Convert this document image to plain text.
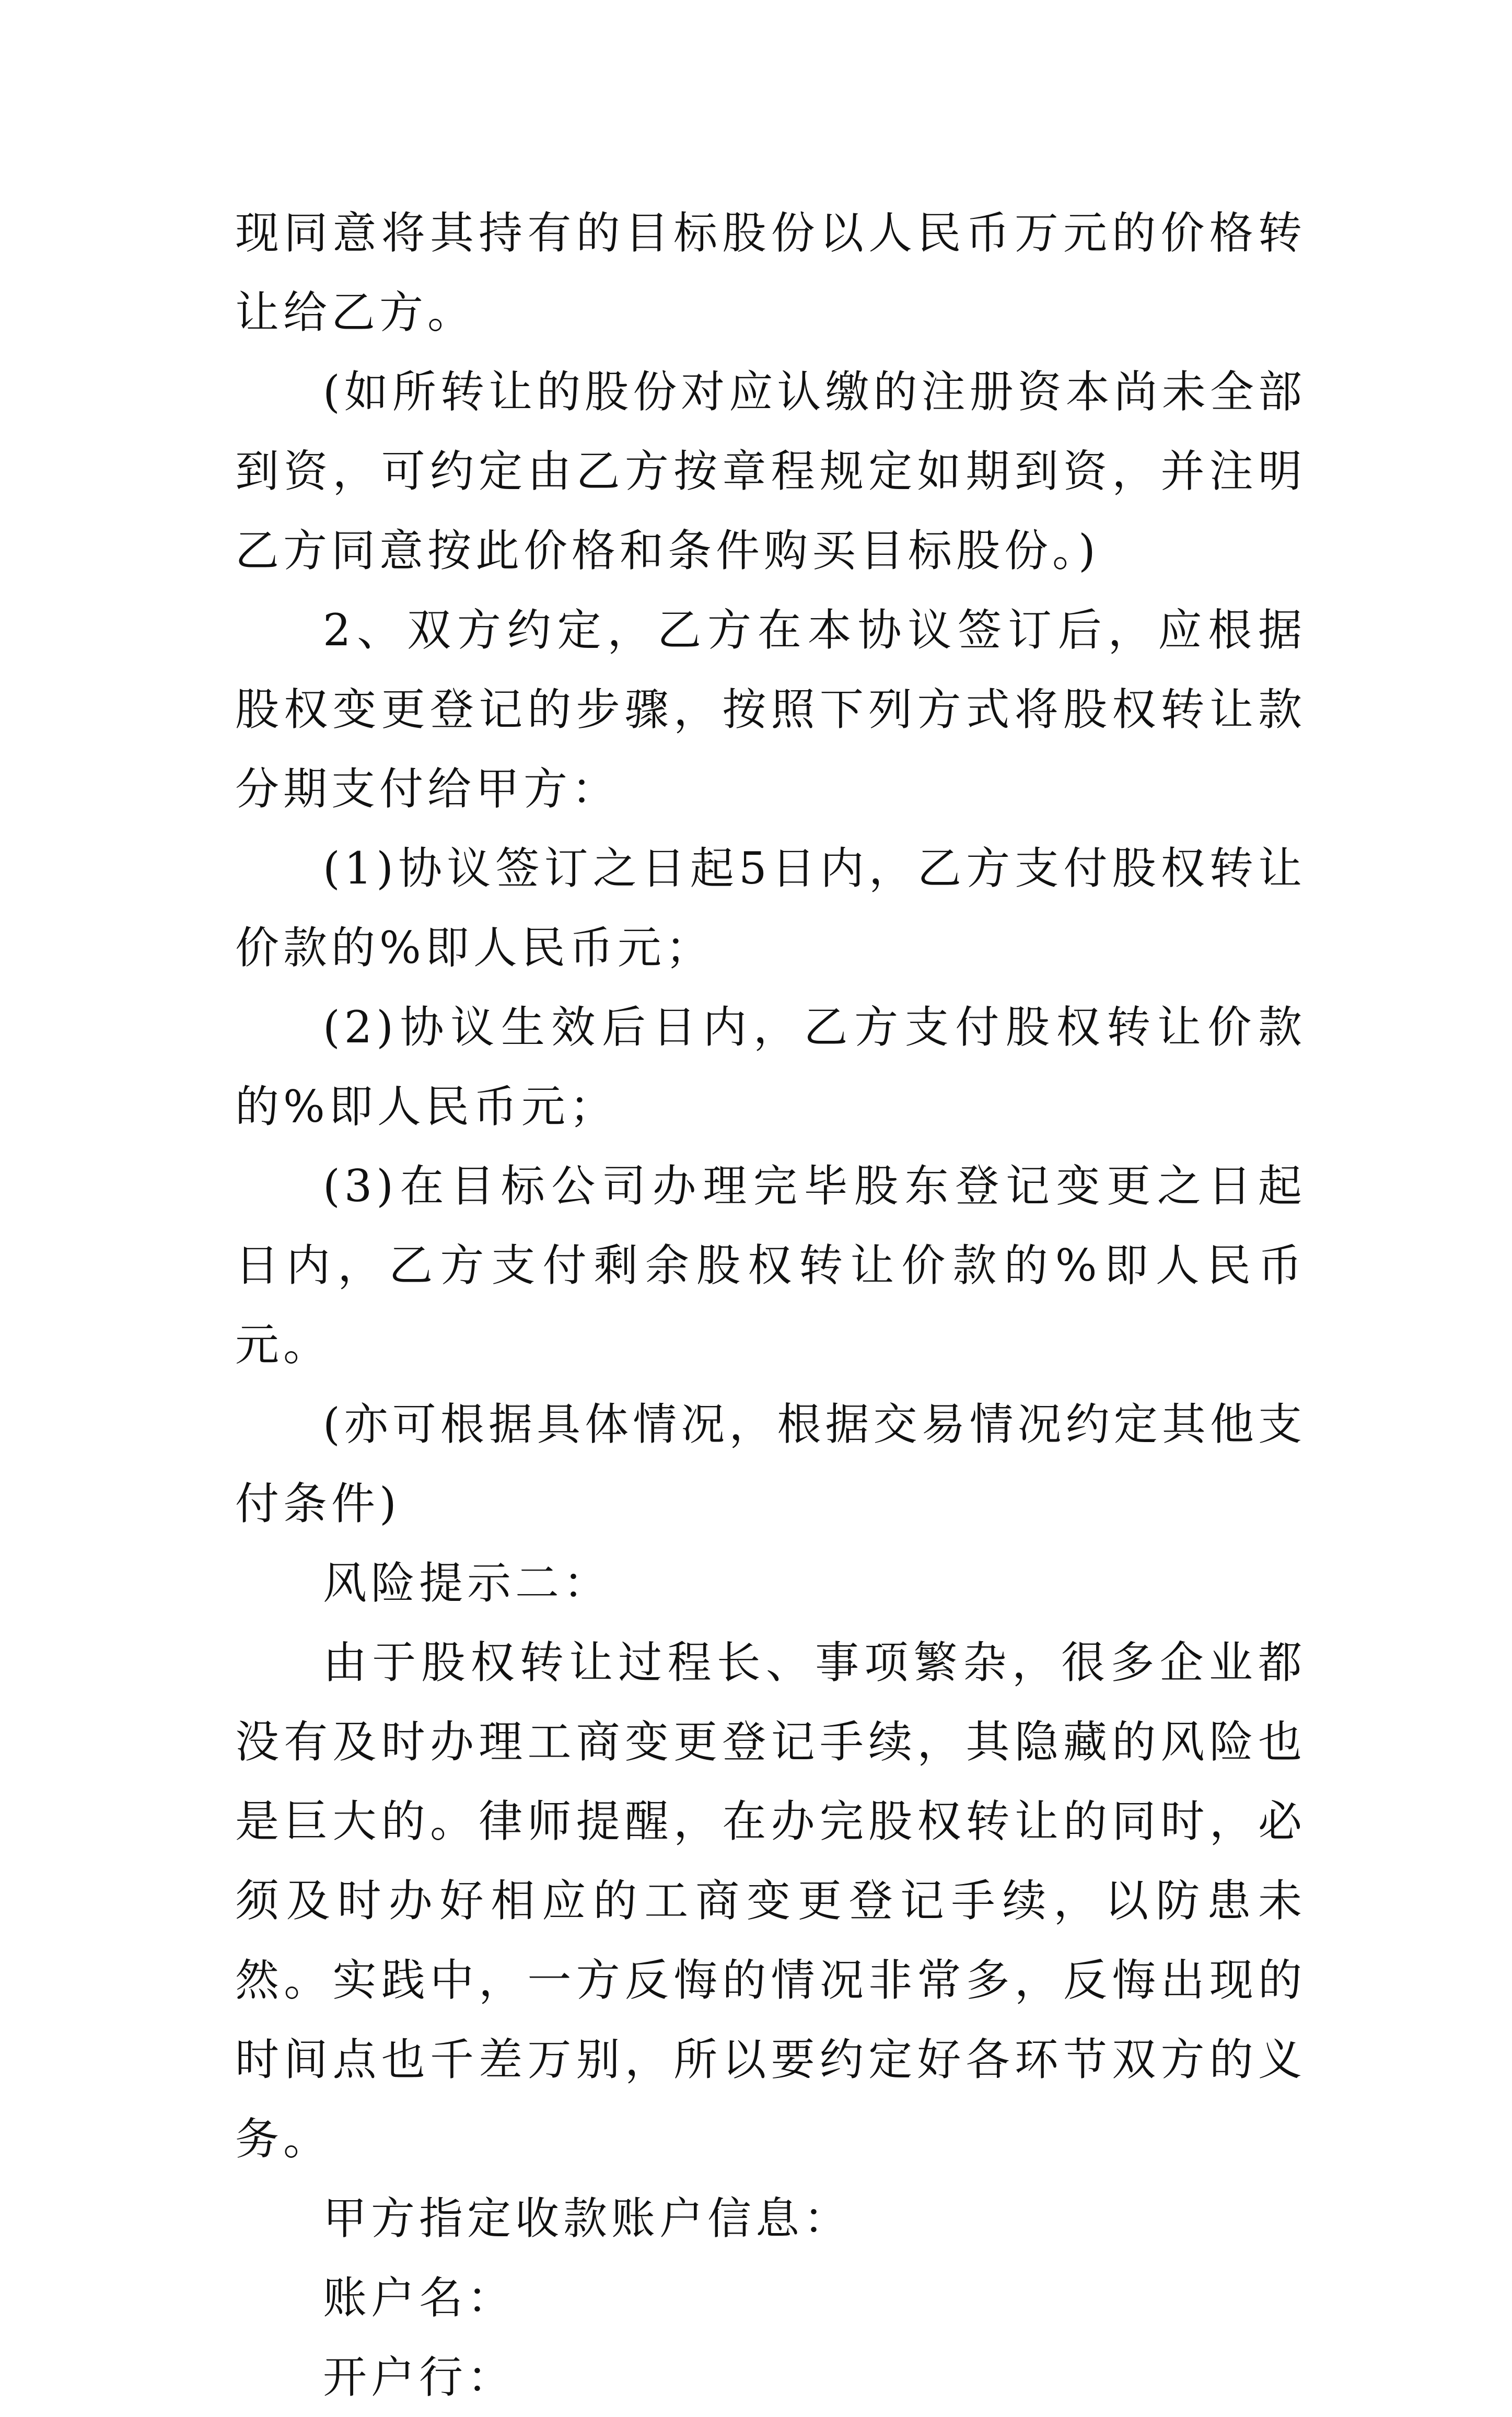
现同意将其持有的目标股份以人民币万元的价格转让给乙方。

(如所转让的股份对应认缴的注册资本尚未全部到资，可约定由乙方按章程规定如期到资，并注明乙方同意按此价格和条件购买目标股份。)

2、双方约定，乙方在本协议签订后，应根据股权变更登记的步骤，按照下列方式将股权转让款分期支付给甲方：

(1)协议签订之日起5日内，乙方支付股权转让价款的%即人民币元；

(2)协议生效后日内，乙方支付股权转让价款的%即人民币元；

(3)在目标公司办理完毕股东登记变更之日起日内，乙方支付剩余股权转让价款的%即人民币元。

(亦可根据具体情况，根据交易情况约定其他支付条件)

风险提示二：

由于股权转让过程长、事项繁杂，很多企业都没有及时办理工商变更登记手续，其隐藏的风险也是巨大的。律师提醒，在办完股权转让的同时，必须及时办好相应的工商变更登记手续，以防患未然。实践中，一方反悔的情况非常多，反悔出现的时间点也千差万别，所以要约定好各环节双方的义务。

甲方指定收款账户信息：

账户名：

开户行：
